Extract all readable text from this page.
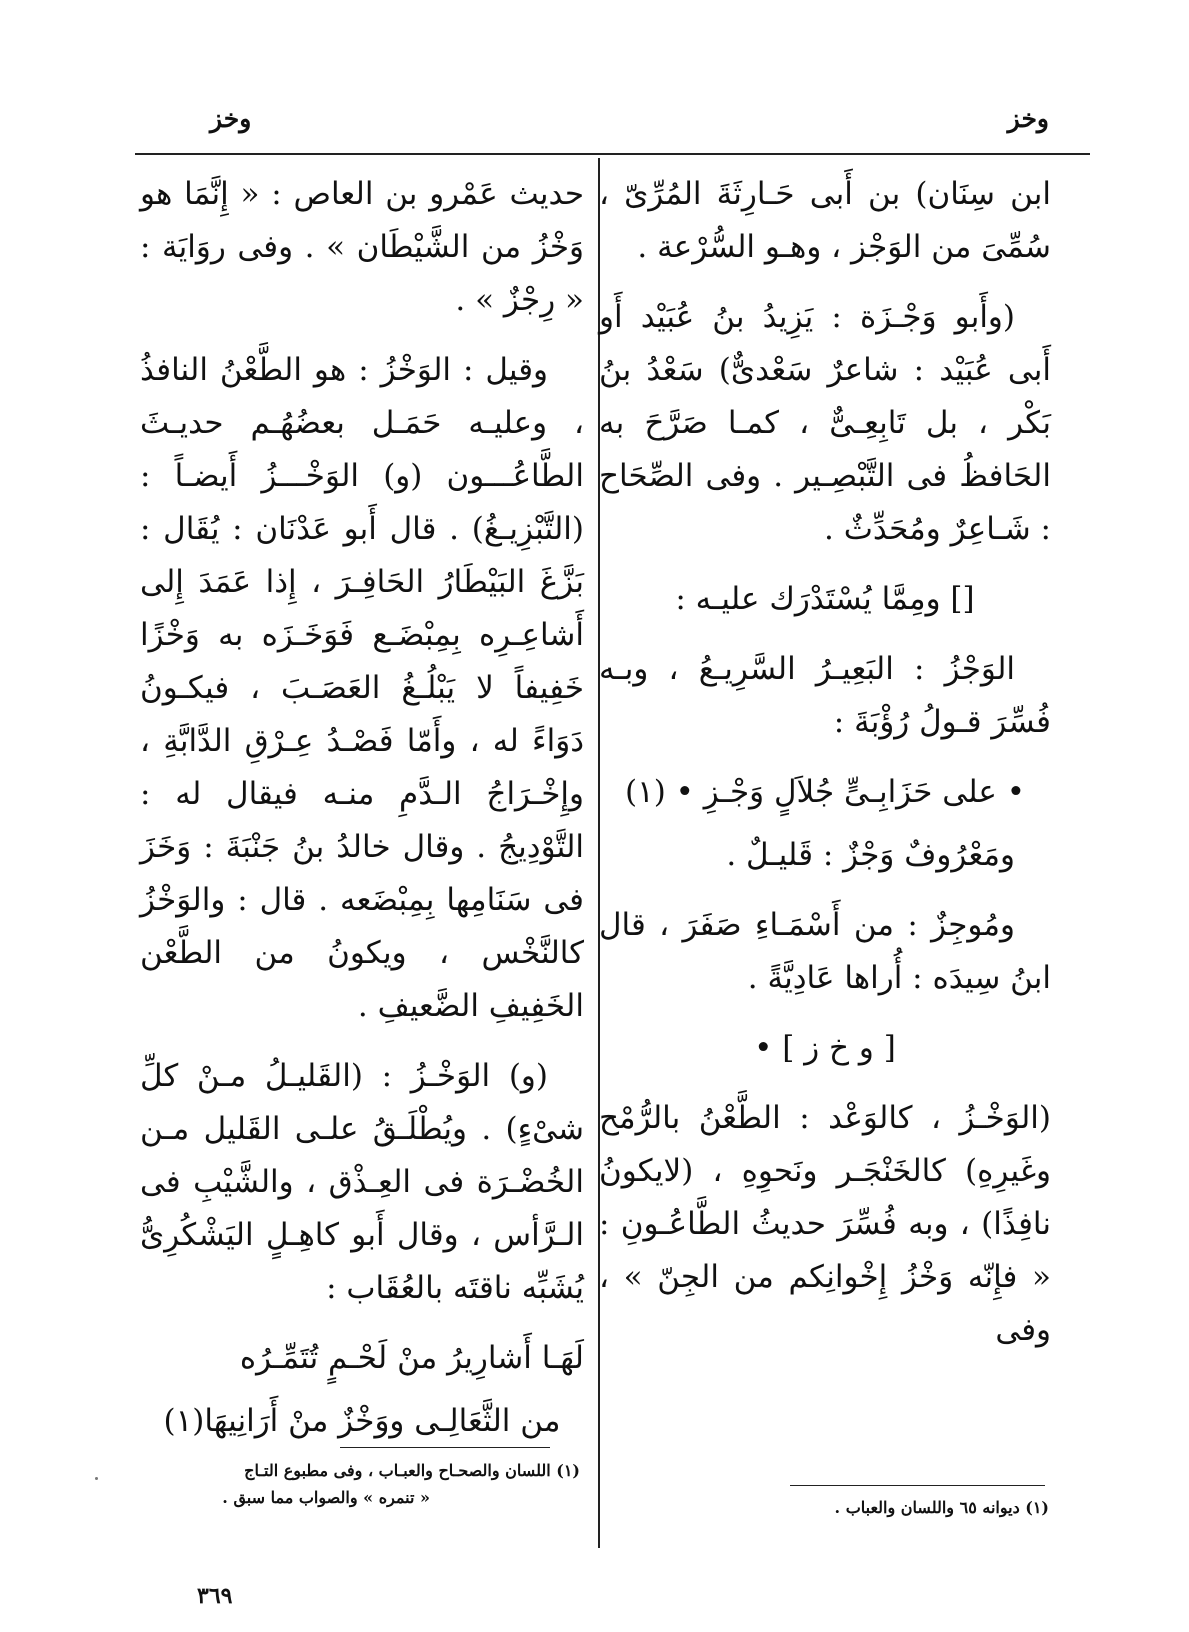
وخز
وخز

ابن سِنَان) بن أَبى حَـارِثَةَ المُرِّىّ ، سُمِّىَ من الوَجْز ، وهـو السُّرْعة .

(وأَبو وَجْـزَة : يَزِيدُ بنُ عُبَيْد أَو أَبى عُبَيْد : شاعرٌ سَعْدىٌّ) سَعْدُ بنُ بَكْر ، بل تَابِعِـىٌّ ، كمـا صَرَّحَ به الحَافظُ فى التَّبْصِـير . وفى الصِّحَاح : شَـاعِرٌ ومُحَدِّثٌ .

[] ومِمَّا يُسْتَدْرَك عليـه :

الوَجْزُ : البَعِيـرُ السَّرِيـعُ ، وبـه فُسِّرَ قـولُ رُؤْبَةَ :

• على حَزَابِـىٍّ جُلاَلٍ وَجْـزِ • (١)

ومَعْرُوفٌ وَجْزٌ : قَليـلٌ .

ومُوجِزٌ : من أَسْمَـاءِ صَفَرَ ، قال ابنُ سِيدَه : أُراها عَادِيَّةً .

[ و خ ز ] •

(الوَخْـزُ ، كالوَعْد : الطَّعْنُ بالرُّمْح وغَيرِهِ) كالخَنْجَـر ونَحوِهِ ، (لايكونُ نافِذًا) ، وبه فُسِّرَ حديثُ الطَّاعُـونِ : « فإِنّه وَخْزُ إِخْوانِكم من الجِنّ » ، وفى

حديث عَمْرو بن العاص : « إِنَّمَا هو وَخْزُ من الشَّيْطَان » . وفى روَايَة : « رِجْزٌ » .

وقيل : الوَخْزُ : هو الطَّعْنُ النافذُ ، وعليـه حَمَـل بعضُهُـم حديـثَ الطَّاعُـــون (و) الوَخْـــزُ أَيضـاً : (التَّبْزِيـغُ) . قال أَبو عَدْنَان : يُقَال : بَزَّغَ البَيْطَارُ الحَافِـرَ ، إِذا عَمَدَ إِلى أَشاعِـرِه بِمِبْضَـع فَوَخَـزَه به وَخْزًا خَفِيفاً لا يَبْلُـغُ العَصَـبَ ، فيكـونُ دَوَاءً له ، وأَمّا فَصْـدُ عِـرْقِ الدَّابَّةِ ، وإِخْـرَاجُ الـدَّمِ منـه فيقال له : التَّوْدِيجُ . وقال خالدُ بنُ جَنْبَةَ : وَخَزَ فى سَنَامِها بِمِبْضَعه . قال : والوَخْزُ كالنَّخْس ، ويكونُ من الطَّعْن الخَفِيفِ الضَّعيفِ .

(و) الوَخْـزُ : (القَليـلُ مـنْ كلِّ شىْءٍ) . ويُطْلَـقُ علـى القَليل مـن الخُضْـرَة فى العِـذْق ، والشَّيْبِ فى الـرَّأس ، وقال أَبو كاهِـلٍ اليَشْكُرِىُّ يُشَبِّه ناقتَه بالعُقَاب :

لَهَـا أَشارِيرُ منْ لَحْـمٍ تُتَمِّـرُه

من الثَّعَالِـى ووَخْزٌ منْ أَرَانِيهَا(١)

(١) ديوانه ٦٥ واللسان والعباب .
(١) اللسان والصحـاح والعبـاب ، وفى مطبوع التـاج
« تنمره » والصواب مما سبق .
٣٦٩
